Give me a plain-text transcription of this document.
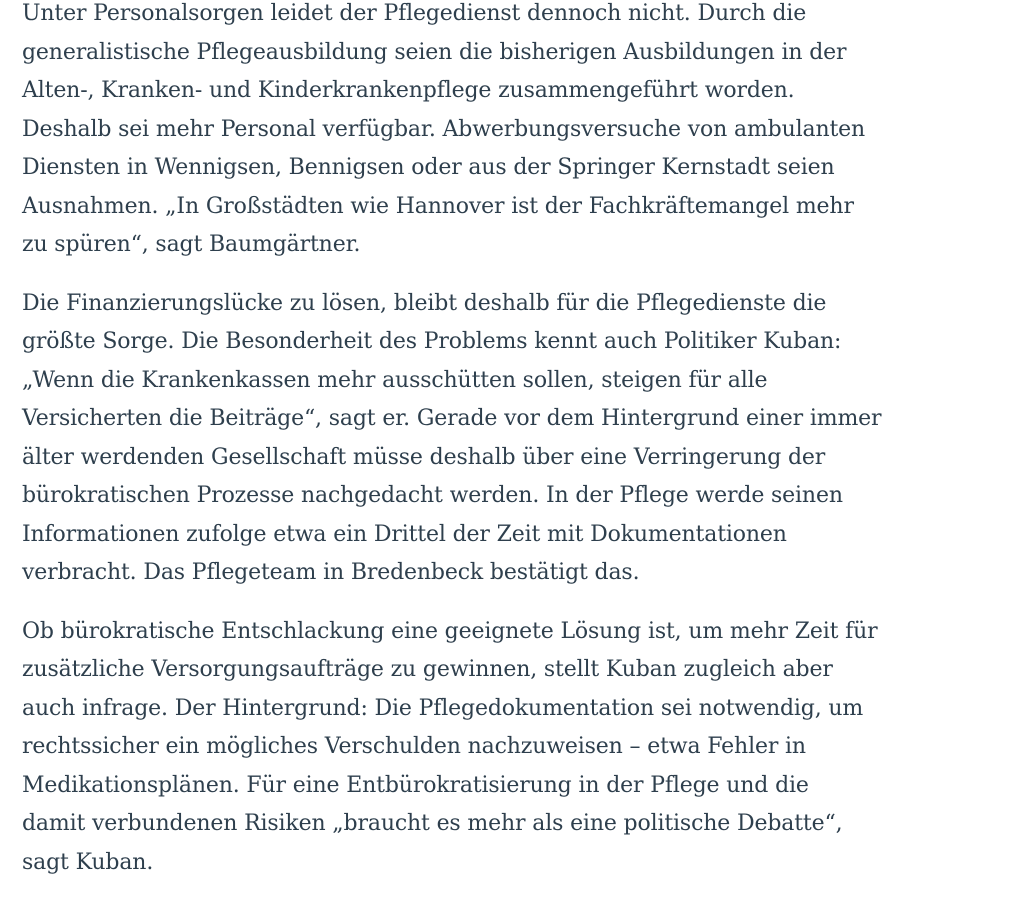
Unter Personalsorgen leidet der Pflegedienst dennoch nicht. Durch die
generalistische Pflegeausbildung seien die bisherigen Ausbildungen in der
Alten-, Kranken- und Kinderkrankenpflege zusammengeführt worden.
Deshalb sei mehr Personal verfügbar. Abwerbungsversuche von ambulanten
Diensten in Wennigsen, Bennigsen oder aus der Springer Kernstadt seien
Ausnahmen. „In Großstädten wie Hannover ist der Fachkräftemangel mehr
zu spüren“, sagt Baumgärtner.

Die Finanzierungslücke zu lösen, bleibt deshalb für die Pflegedienste die
größte Sorge. Die Besonderheit des Problems kennt auch Politiker Kuban:
„Wenn die Krankenkassen mehr ausschütten sollen, steigen für alle
Versicherten die Beiträge“, sagt er. Gerade vor dem Hintergrund einer immer
älter werdenden Gesellschaft müsse deshalb über eine Verringerung der
bürokratischen Prozesse nachgedacht werden. In der Pflege werde seinen
Informationen zufolge etwa ein Drittel der Zeit mit Dokumentationen
verbracht. Das Pflegeteam in Bredenbeck bestätigt das.

Ob bürokratische Entschlackung eine geeignete Lösung ist, um mehr Zeit für
zusätzliche Versorgungsaufträge zu gewinnen, stellt Kuban zugleich aber
auch infrage. Der Hintergrund: Die Pflegedokumentation sei notwendig, um
rechtssicher ein mögliches Verschulden nachzuweisen – etwa Fehler in
Medikationsplänen. Für eine Entbürokratisierung in der Pflege und die
damit verbundenen Risiken „braucht es mehr als eine politische Debatte“,
sagt Kuban.
